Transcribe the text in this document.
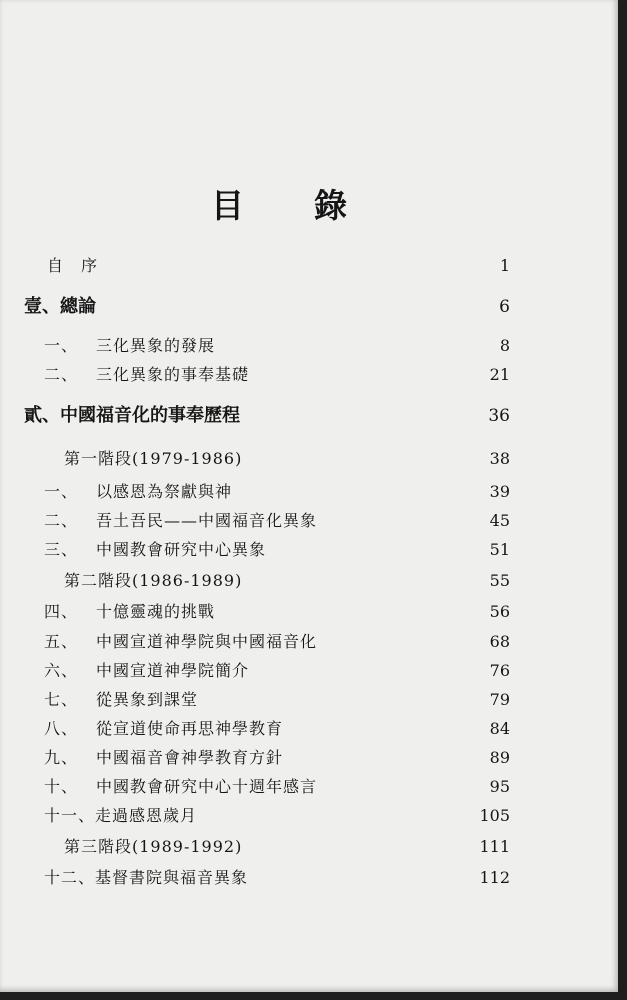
目 錄
自　序	1
壹、總論	6
一、 三化異象的發展	8
二、 三化異象的事奉基礎	21
貳、中國福音化的事奉歷程	36
第一階段(1979-1986)	38
一、 以感恩為祭獻與神	39
二、 吾土吾民——中國福音化異象	45
三、 中國教會研究中心異象	51
第二階段(1986-1989)	55
四、 十億靈魂的挑戰	56
五、 中國宣道神學院與中國福音化	68
六、 中國宣道神學院簡介	76
七、 從異象到課堂	79
八、 從宣道使命再思神學教育	84
九、 中國福音會神學教育方針	89
十、 中國教會研究中心十週年感言	95
十一、走過感恩歲月	105
第三階段(1989-1992)	111
十二、基督書院與福音異象	112
